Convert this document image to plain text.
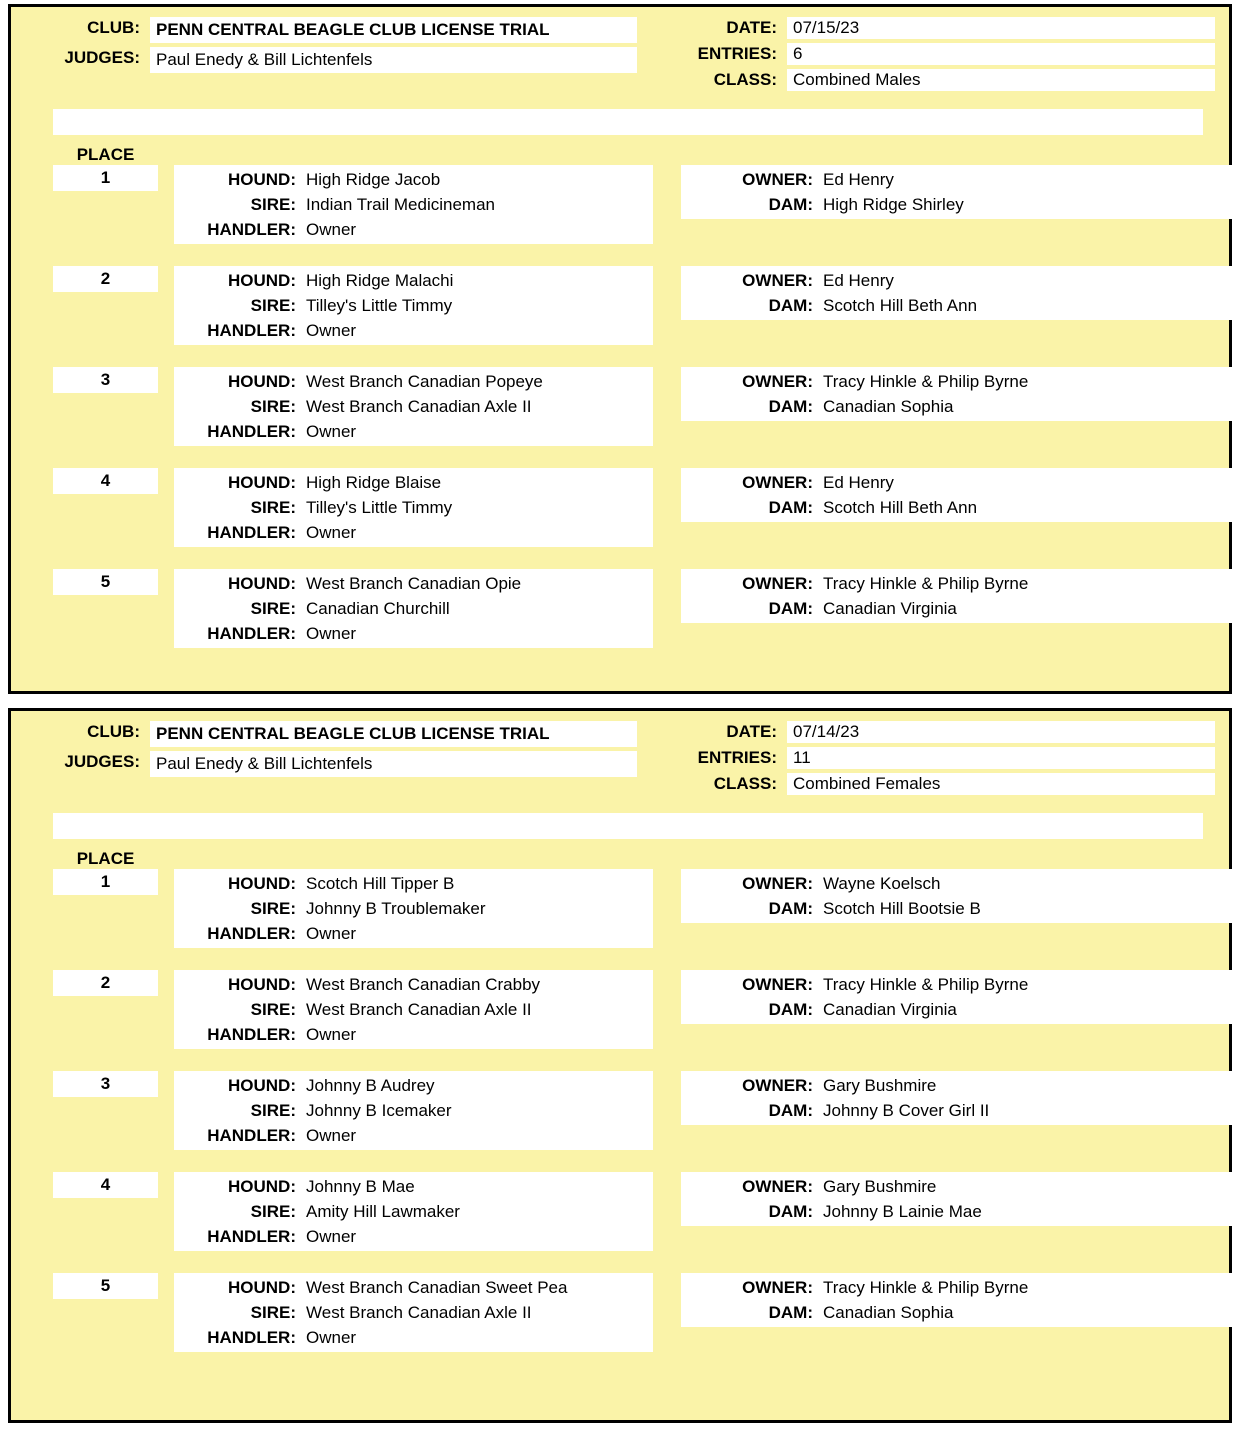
CLUB: PENN CENTRAL BEAGLE CLUB LICENSE TRIAL
JUDGES: Paul Enedy & Bill Lichtenfels
DATE: 07/15/23
ENTRIES: 6
CLASS: Combined Males
PLACE
1	HOUND: High Ridge Jacob
SIRE: Indian Trail Medicineman
HANDLER: Owner
OWNER: Ed Henry
DAM: High Ridge Shirley
2	HOUND: High Ridge Malachi
SIRE: Tilley's Little Timmy
HANDLER: Owner
OWNER: Ed Henry
DAM: Scotch Hill Beth Ann
3	HOUND: West Branch Canadian Popeye
SIRE: West Branch Canadian Axle II
HANDLER: Owner
OWNER: Tracy Hinkle & Philip Byrne
DAM: Canadian Sophia
4	HOUND: High Ridge Blaise
SIRE: Tilley's Little Timmy
HANDLER: Owner
OWNER: Ed Henry
DAM: Scotch Hill Beth Ann
5	HOUND: West Branch Canadian Opie
SIRE: Canadian Churchill
HANDLER: Owner
OWNER: Tracy Hinkle & Philip Byrne
DAM: Canadian Virginia
CLUB: PENN CENTRAL BEAGLE CLUB LICENSE TRIAL
JUDGES: Paul Enedy & Bill Lichtenfels
DATE: 07/14/23
ENTRIES: 11
CLASS: Combined Females
PLACE
1	HOUND: Scotch Hill Tipper B
SIRE: Johnny B Troublemaker
HANDLER: Owner
OWNER: Wayne Koelsch
DAM: Scotch Hill Bootsie B
2	HOUND: West Branch Canadian Crabby
SIRE: West Branch Canadian Axle II
HANDLER: Owner
OWNER: Tracy Hinkle & Philip Byrne
DAM: Canadian Virginia
3	HOUND: Johnny B Audrey
SIRE: Johnny B Icemaker
HANDLER: Owner
OWNER: Gary Bushmire
DAM: Johnny B Cover Girl II
4	HOUND: Johnny B Mae
SIRE: Amity Hill Lawmaker
HANDLER: Owner
OWNER: Gary Bushmire
DAM: Johnny B Lainie Mae
5	HOUND: West Branch Canadian Sweet Pea
SIRE: West Branch Canadian Axle II
HANDLER: Owner
OWNER: Tracy Hinkle & Philip Byrne
DAM: Canadian Sophia
